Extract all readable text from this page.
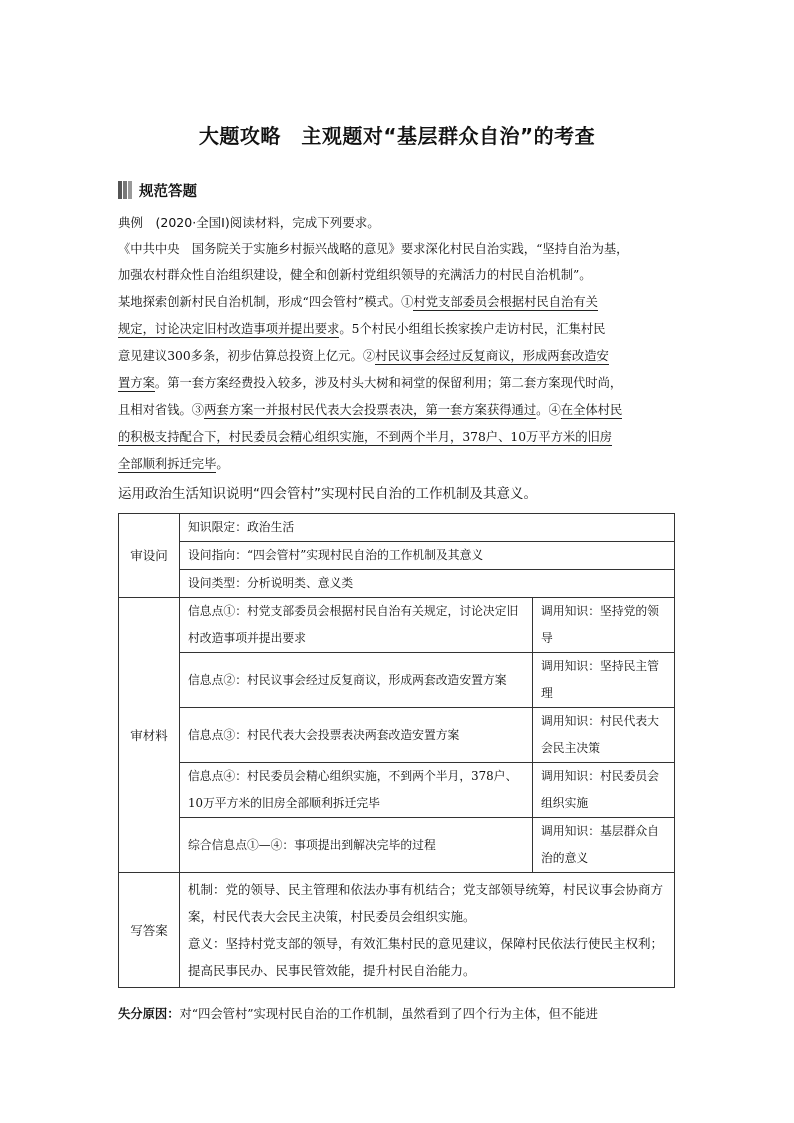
大题攻略　主观题对“基层群众自治”的考查
规范答题
典例　(2020·全国Ⅰ)阅读材料，完成下列要求。
《中共中央　国务院关于实施乡村振兴战略的意见》要求深化村民自治实践，“坚持自治为基，
加强农村群众性自治组织建设，健全和创新村党组织领导的充满活力的村民自治机制”。
某地探索创新村民自治机制，形成“四会管村”模式。①村党支部委员会根据村民自治有关
规定，讨论决定旧村改造事项并提出要求。5个村民小组组长挨家挨户走访村民，汇集村民
意见建议300多条，初步估算总投资上亿元。②村民议事会经过反复商议，形成两套改造安
置方案。第一套方案经费投入较多，涉及村头大树和祠堂的保留利用；第二套方案现代时尚，
且相对省钱。③两套方案一并报村民代表大会投票表决，第一套方案获得通过。④在全体村民
的积极支持配合下，村民委员会精心组织实施，不到两个半月，378户、10万平方米的旧房
全部顺利拆迁完毕。
运用政治生活知识说明“四会管村”实现村民自治的工作机制及其意义。
审设问	知识限定：政治生活	
	设问指向：“四会管村”实现村民自治的工作机制及其意义	
	设问类型：分析说明类、意义类	
审材料	信息点①：村党支部委员会根据村民自治有关规定，讨论决定旧村改造事项并提出要求	调用知识：坚持党的领导
	信息点②：村民议事会经过反复商议，形成两套改造安置方案	调用知识：坚持民主管理
	信息点③：村民代表大会投票表决两套改造安置方案	调用知识：村民代表大会民主决策
	信息点④：村民委员会精心组织实施，不到两个半月，378户、10万平方米的旧房全部顺利拆迁完毕	调用知识：村民委员会组织实施
	综合信息点①—④：事项提出到解决完毕的过程	调用知识：基层群众自治的意义
写答案	机制：党的领导、民主管理和依法办事有机结合；党支部领导统筹，村民议事会协商方案，村民代表大会民主决策，村民委员会组织实施。
意义：坚持村党支部的领导，有效汇集村民的意见建议，保障村民依法行使民主权利；提高民事民办、民事民管效能，提升村民自治能力。	
失分原因：对“四会管村”实现村民自治的工作机制，虽然看到了四个行为主体，但不能进
